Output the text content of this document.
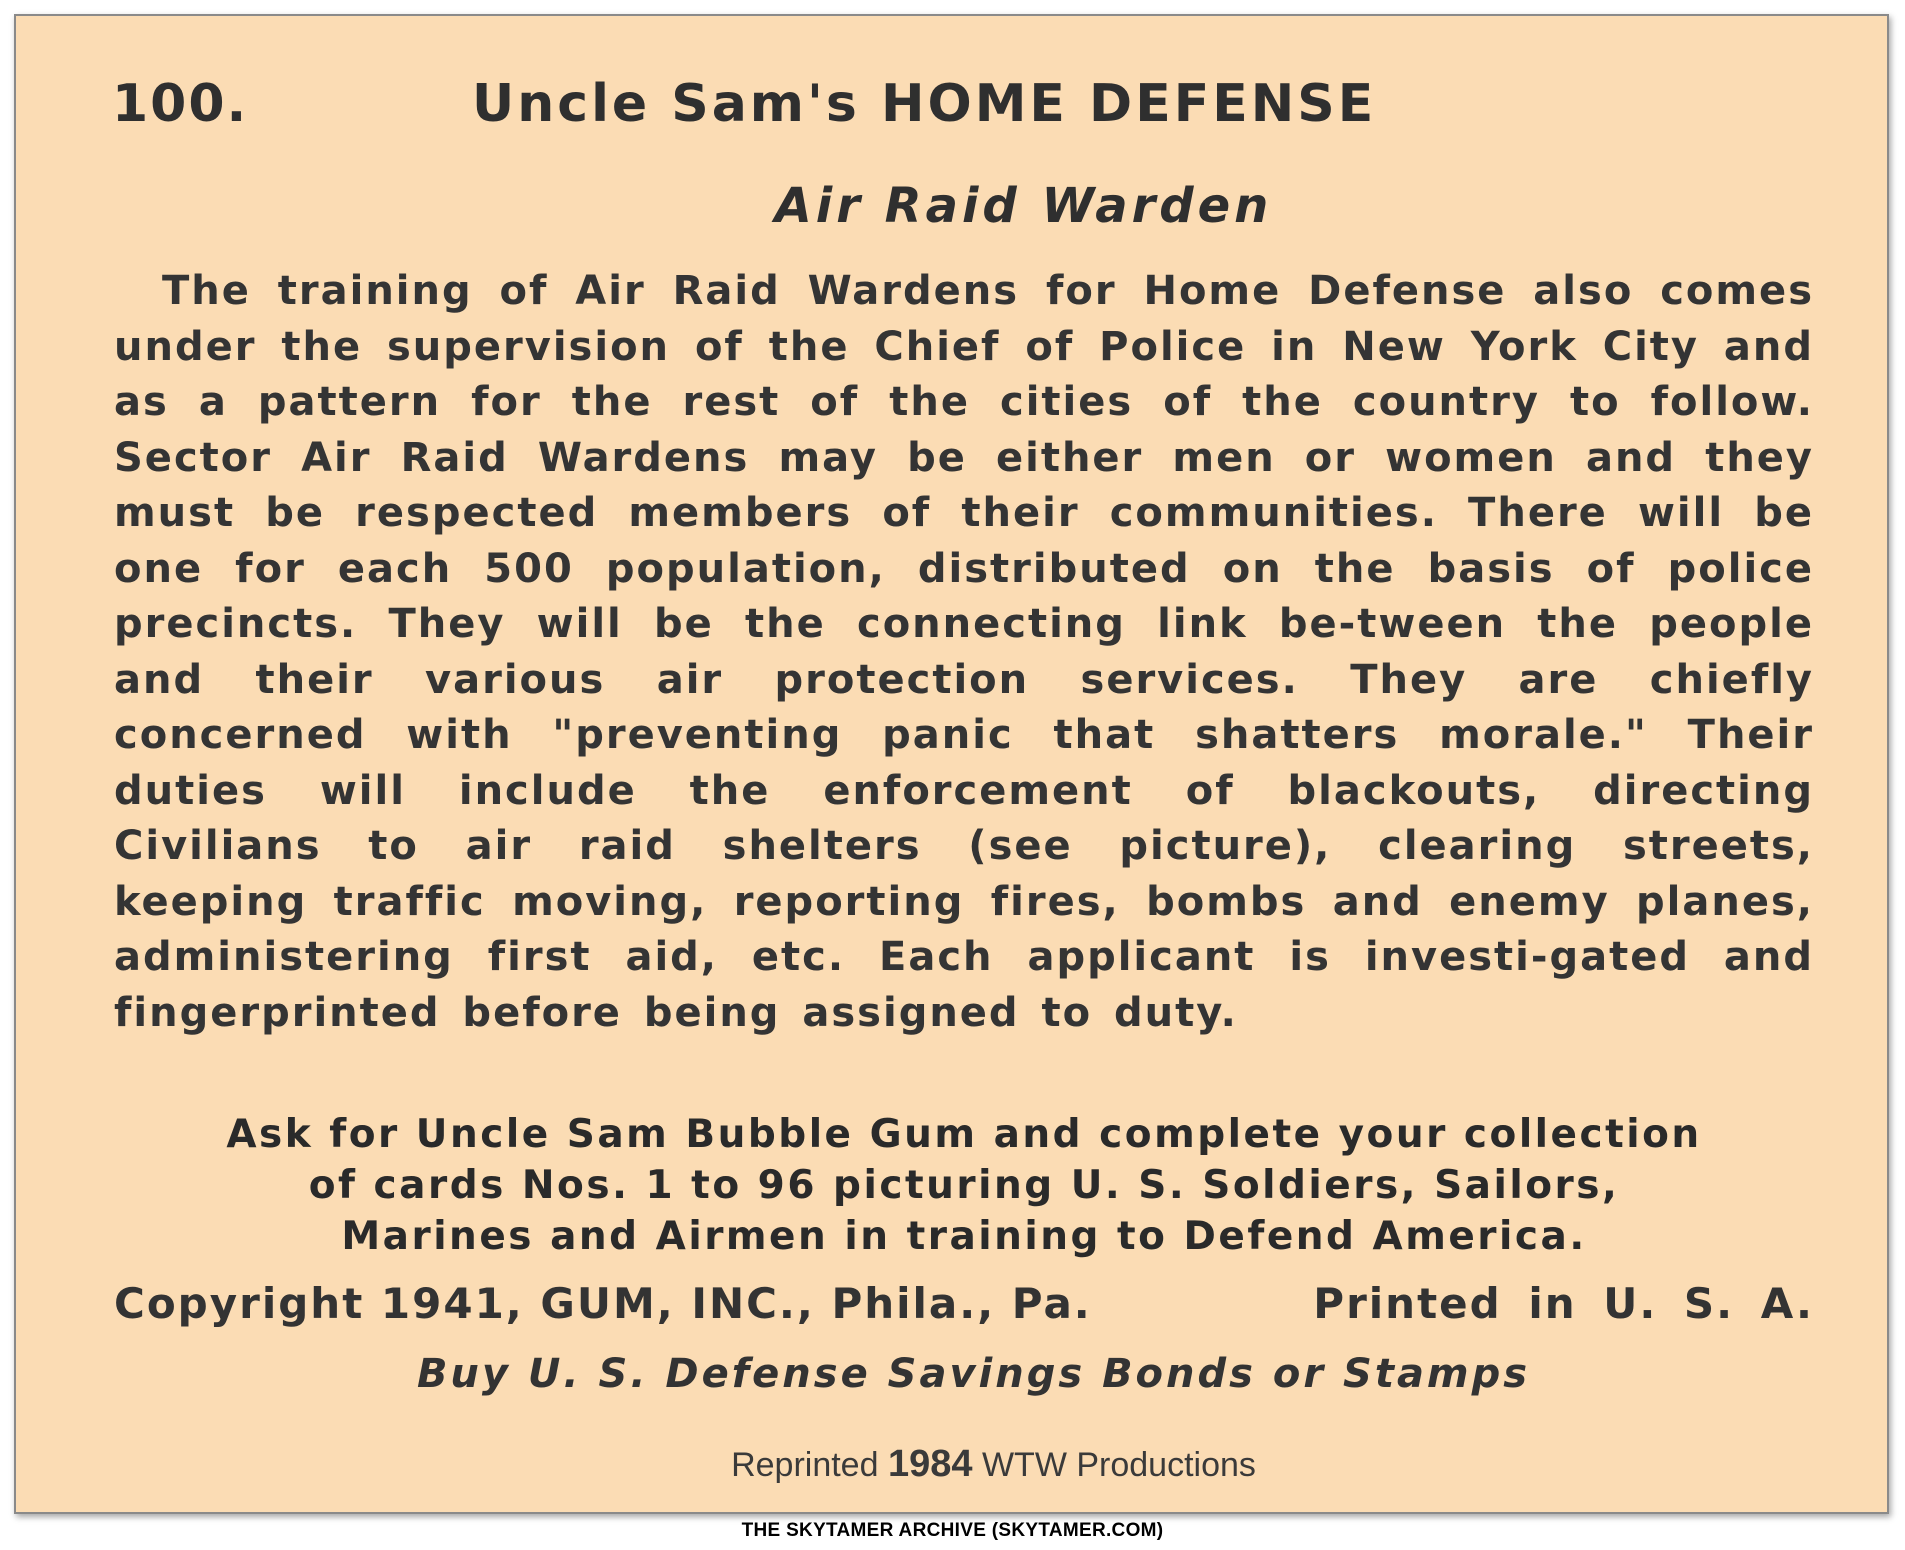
100.	Uncle Sam's HOME DEFENSE
Air Raid Warden

The training of Air Raid Wardens for Home Defense also comes under the supervision of the Chief of Police in New York City and as a pattern for the rest of the cities of the country to follow. Sector Air Raid Wardens may be either men or women and they must be respected members of their communities. There will be one for each 500 population, distributed on the basis of police precincts. They will be the connecting link be-tween the people and their various air protection services. They are chiefly concerned with "preventing panic that shatters morale." Their duties will include the enforcement of blackouts, directing Civilians to air raid shelters (see picture), clearing streets, keeping traffic moving, reporting fires, bombs and enemy planes, administering first aid, etc. Each applicant is investi-gated and fingerprinted before being assigned to duty.

Ask for Uncle Sam Bubble Gum and complete your collection
of cards Nos. 1 to 96 picturing U. S. Soldiers, Sailors,
Marines and Airmen in training to Defend America.
Copyright 1941, GUM, INC., Phila., Pa.	Printed in U. S. A.
Buy U. S. Defense Savings Bonds or Stamps
Reprinted 1984 WTW Productions
THE SKYTAMER ARCHIVE (SKYTAMER.COM)
